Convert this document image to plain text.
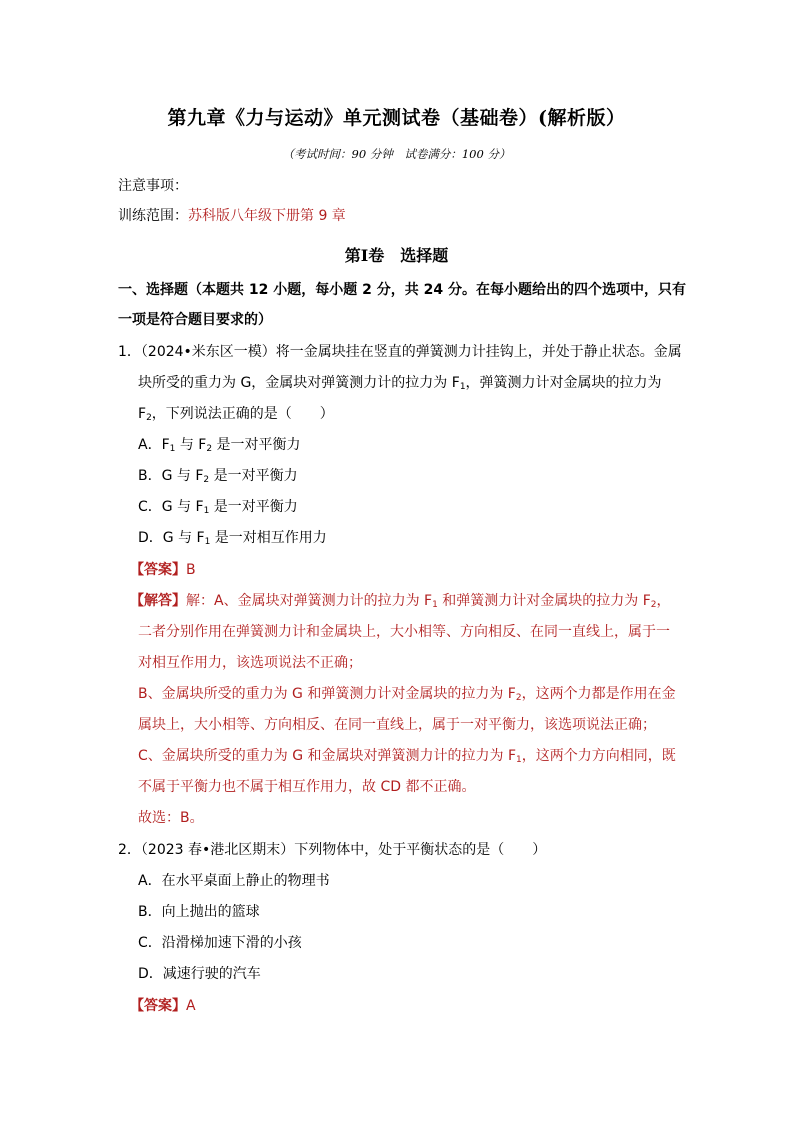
第九章《力与运动》单元测试卷（基础卷）(解析版）
（考试时间：90 分钟　试卷满分：100 分）
注意事项：
训练范围：苏科版八年级下册第 9 章
第Ⅰ卷　选择题
一、选择题（本题共 12 小题，每小题 2 分，共 24 分。在每小题给出的四个选项中，只有
一项是符合题目要求的）
1．（2024•米东区一模）将一金属块挂在竖直的弹簧测力计挂钩上，并处于静止状态。金属
块所受的重力为 G，金属块对弹簧测力计的拉力为 $F_1$，弹簧测力计对金属块的拉力为
$F_2$，下列说法正确的是（　　）
A．$F_1$ 与 $F_2$ 是一对平衡力
B．G 与 $F_2$ 是一对平衡力
C．G 与 $F_1$ 是一对平衡力
D．G 与 $F_1$ 是一对相互作用力
【答案】B
【解答】解：A、金属块对弹簧测力计的拉力为 $F_1$ 和弹簧测力计对金属块的拉力为 $F_2$，
二者分别作用在弹簧测力计和金属块上，大小相等、方向相反、在同一直线上，属于一
对相互作用力，该选项说法不正确；
B、金属块所受的重力为 G 和弹簧测力计对金属块的拉力为 $F_2$，这两个力都是作用在金
属块上，大小相等、方向相反、在同一直线上，属于一对平衡力，该选项说法正确；
C、金属块所受的重力为 G 和金属块对弹簧测力计的拉力为 $F_1$，这两个力方向相同，既
不属于平衡力也不属于相互作用力，故 CD 都不正确。
故选：B。
2．（2023 春•港北区期末）下列物体中，处于平衡状态的是（　　）
A．在水平桌面上静止的物理书
B．向上抛出的篮球
C．沿滑梯加速下滑的小孩
D．减速行驶的汽车
【答案】A
